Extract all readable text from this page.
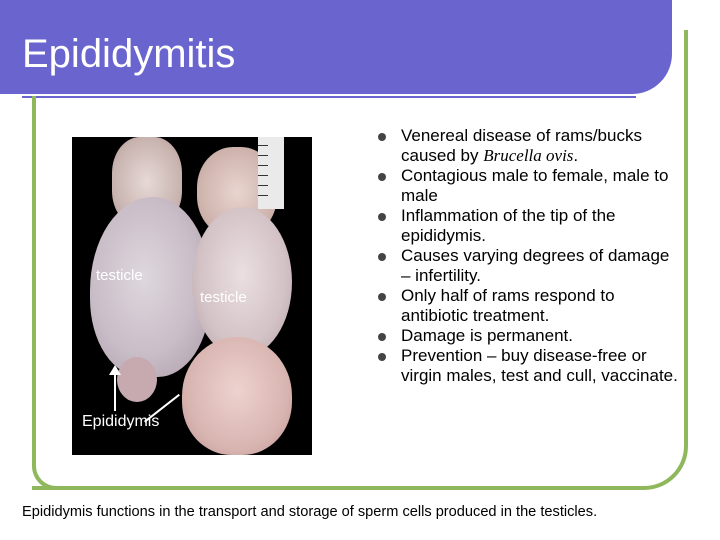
Epididymitis
testicle
testicle
Epididymis
Venereal disease of rams/bucks caused by Brucella ovis.
Contagious male to female, male to male
Inflammation of the tip of the epididymis.
Causes varying degrees of damage – infertility.
Only half of rams respond to antibiotic treatment.
Damage is permanent.
Prevention – buy disease-free or virgin males, test and cull, vaccinate.
Epididymis functions in the transport and storage of sperm cells produced in the testicles.
